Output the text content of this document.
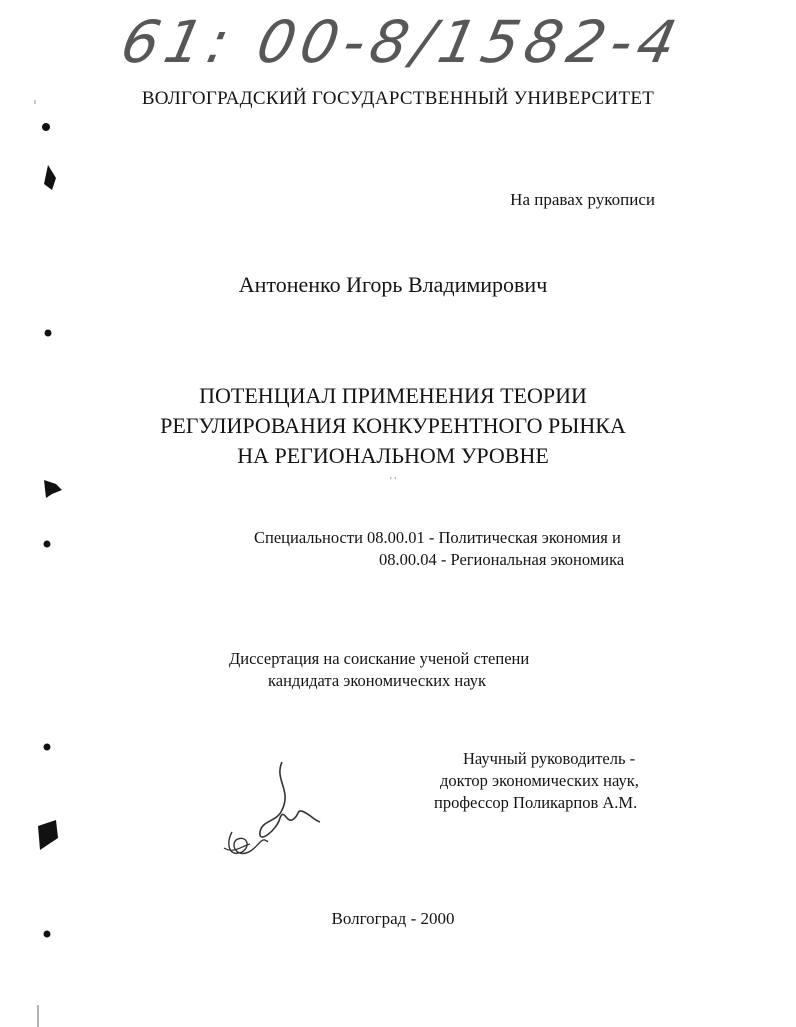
61: 00-8/1582-4
ВОЛГОГРАДСКИЙ ГОСУДАРСТВЕННЫЙ УНИВЕРСИТЕТ
На правах рукописи
Антоненко Игорь Владимирович
ПОТЕНЦИАЛ ПРИМЕНЕНИЯ ТЕОРИИ
РЕГУЛИРОВАНИЯ КОНКУРЕНТНОГО РЫНКА
НА РЕГИОНАЛЬНОМ УРОВНЕ
' '
Специальности 08.00.01 - Политическая экономия и
08.00.04 - Региональная экономика
Диссертация на соискание ученой степени
кандидата экономических наук
Научный руководитель -
доктор экономических наук,
профессор Поликарпов А.М.
Волгоград - 2000
